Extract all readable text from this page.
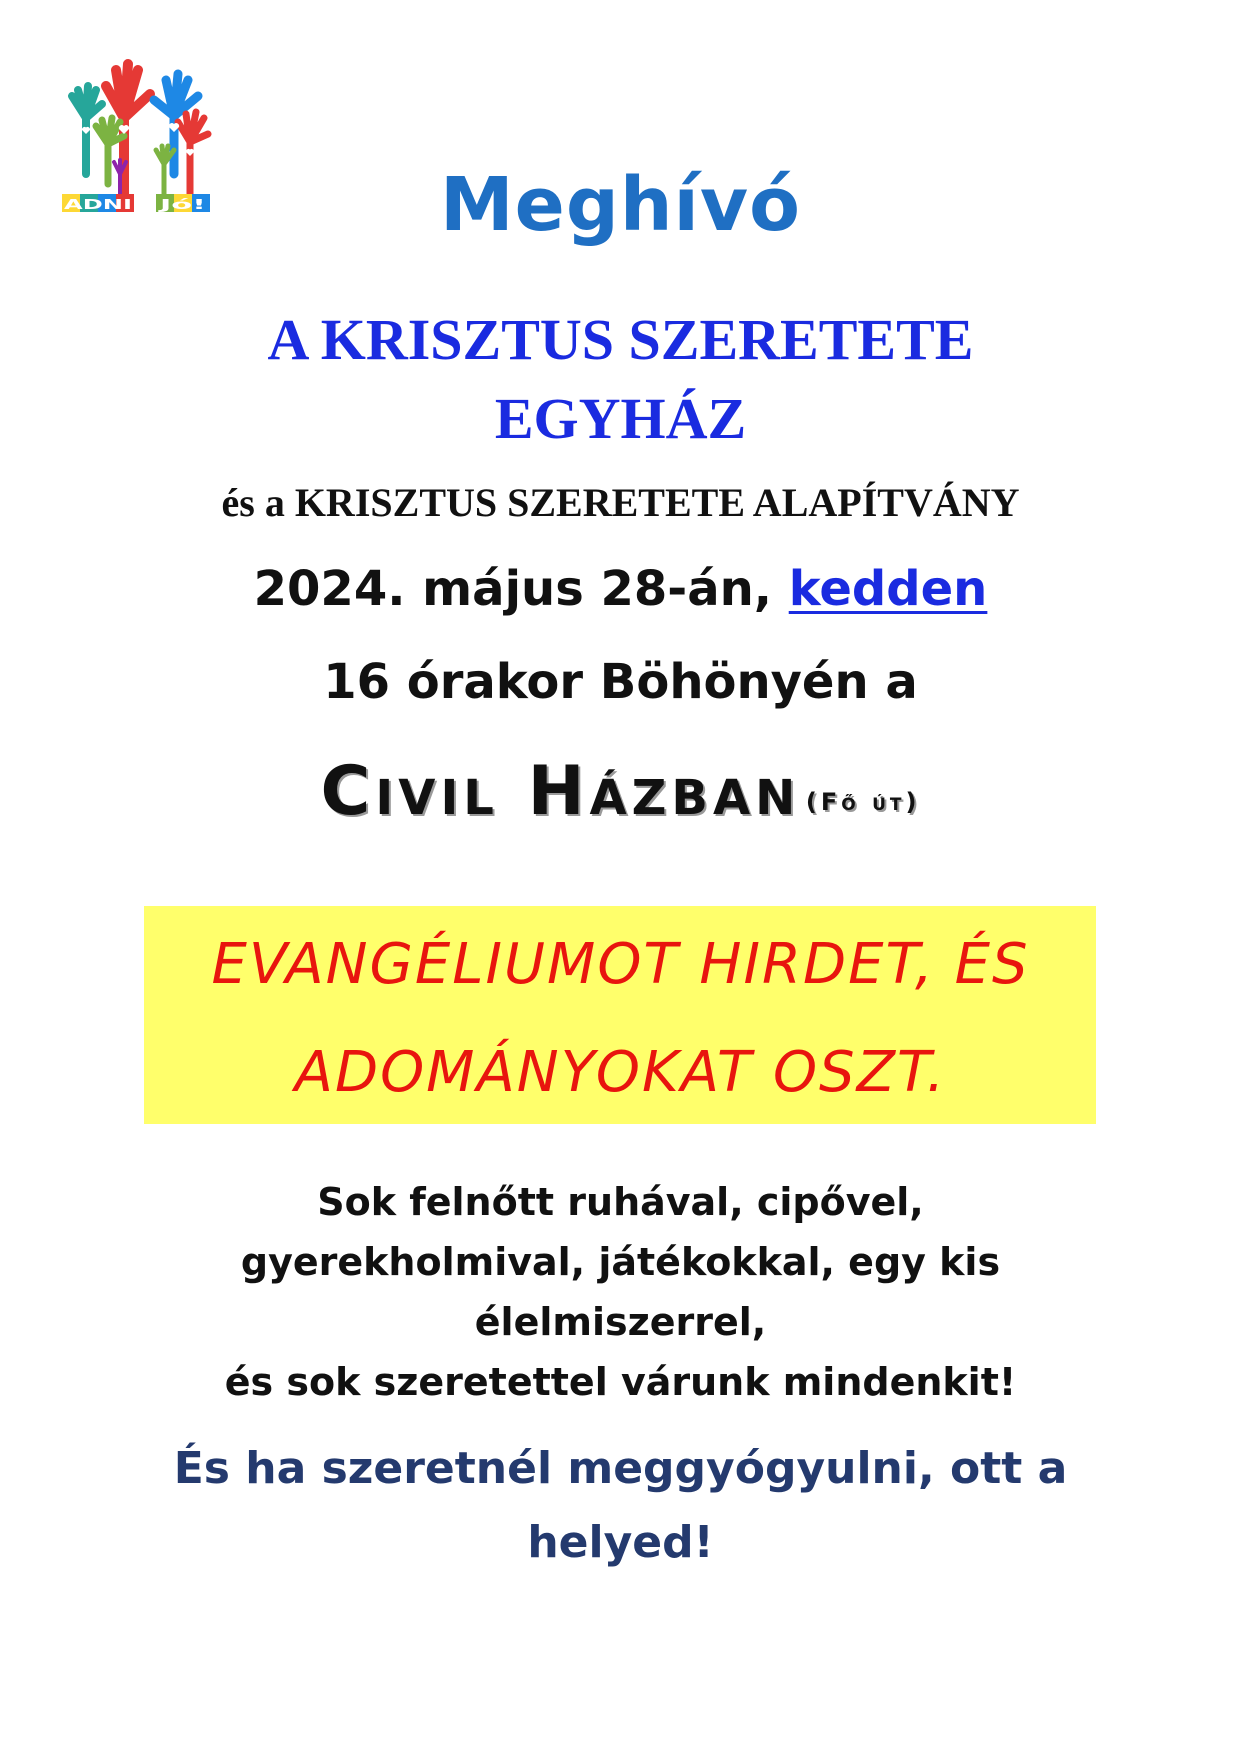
ADNI Jó!	Meghívó
A KRISZTUS SZERETETE
EGYHÁZ
és a KRISZTUS SZERETETE ALAPÍTVÁNY
2024. május 28-án, kedden
16 órakor Böhönyén a
Civil Házban (Fő út)
EVANGÉLIUMOT HIRDET, ÉS
ADOMÁNYOKAT OSZT.
Sok felnőtt ruhával, cipővel,
gyerekholmival, játékokkal, egy kis
élelmiszerrel,
és sok szeretettel várunk mindenkit!
És ha szeretnél meggyógyulni, ott a
helyed!
